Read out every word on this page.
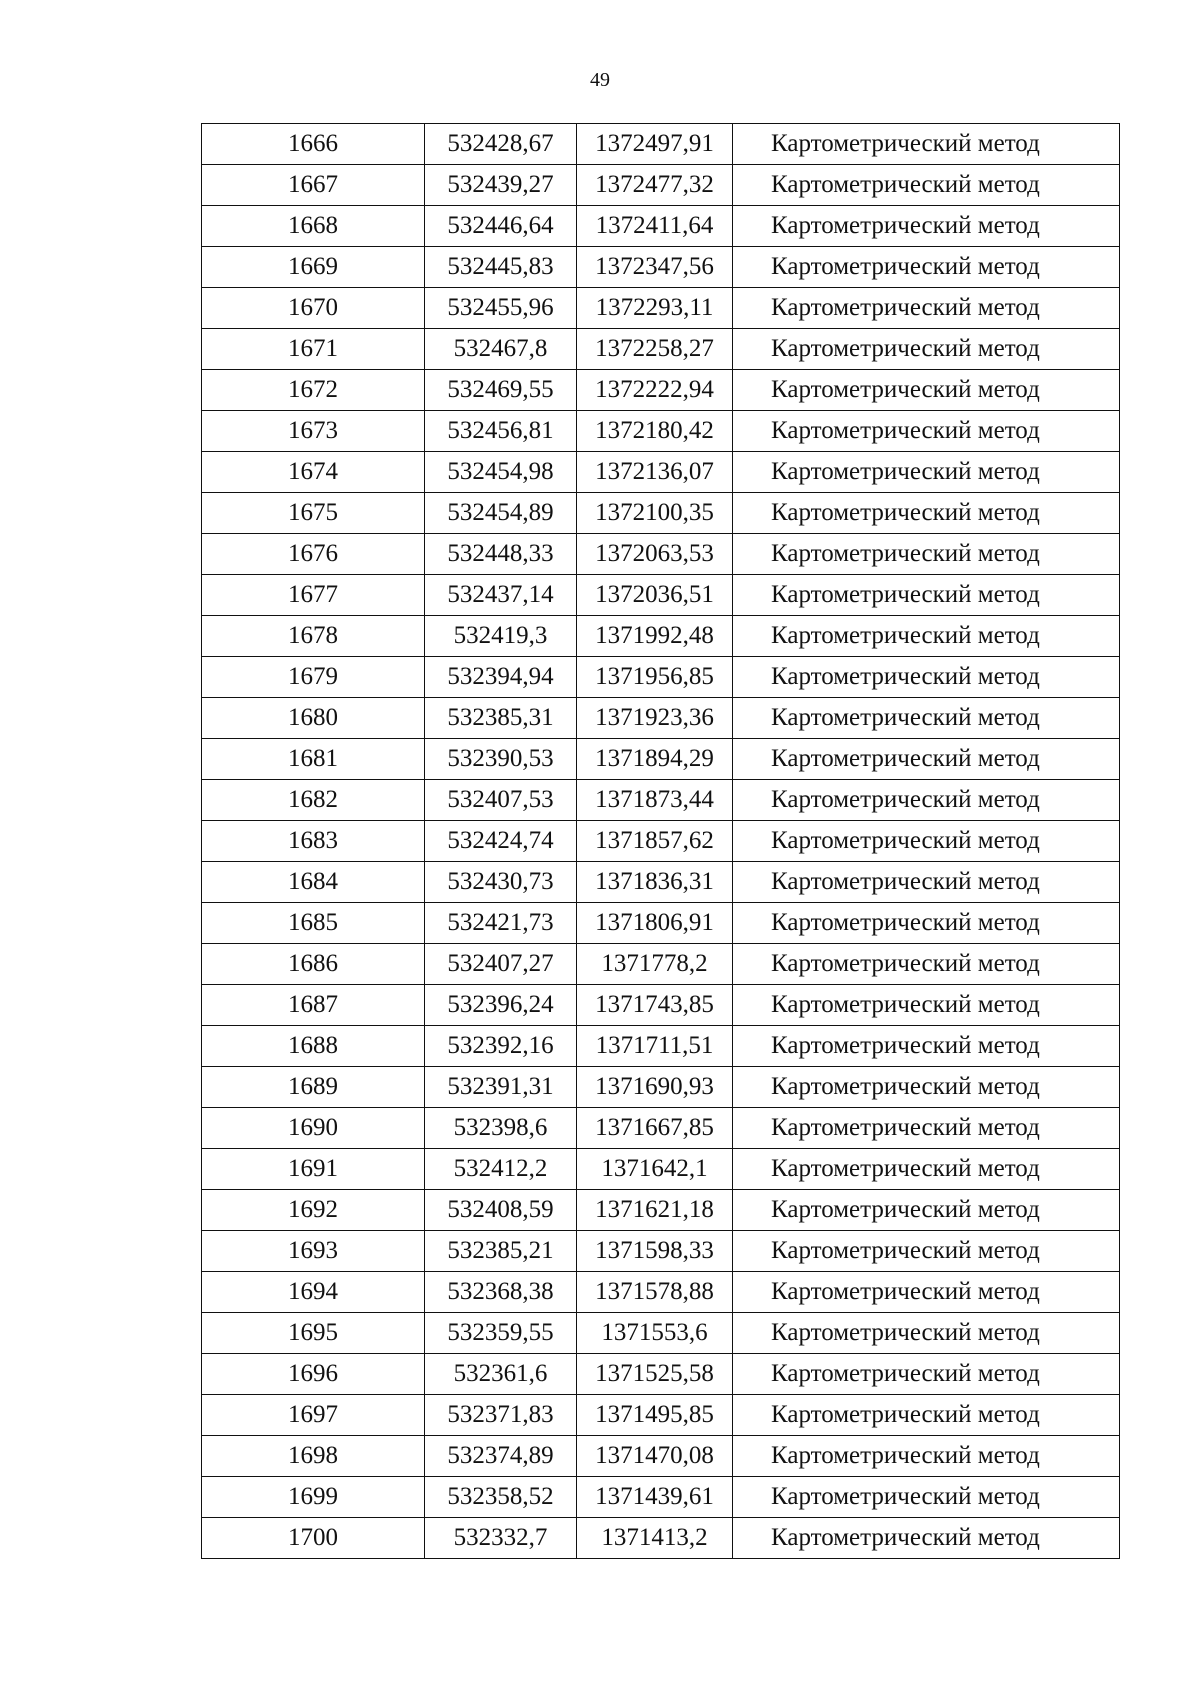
49
1666	532428,67	1372497,91	Картометрический метод
1667	532439,27	1372477,32	Картометрический метод
1668	532446,64	1372411,64	Картометрический метод
1669	532445,83	1372347,56	Картометрический метод
1670	532455,96	1372293,11	Картометрический метод
1671	532467,8	1372258,27	Картометрический метод
1672	532469,55	1372222,94	Картометрический метод
1673	532456,81	1372180,42	Картометрический метод
1674	532454,98	1372136,07	Картометрический метод
1675	532454,89	1372100,35	Картометрический метод
1676	532448,33	1372063,53	Картометрический метод
1677	532437,14	1372036,51	Картометрический метод
1678	532419,3	1371992,48	Картометрический метод
1679	532394,94	1371956,85	Картометрический метод
1680	532385,31	1371923,36	Картометрический метод
1681	532390,53	1371894,29	Картометрический метод
1682	532407,53	1371873,44	Картометрический метод
1683	532424,74	1371857,62	Картометрический метод
1684	532430,73	1371836,31	Картометрический метод
1685	532421,73	1371806,91	Картометрический метод
1686	532407,27	1371778,2	Картометрический метод
1687	532396,24	1371743,85	Картометрический метод
1688	532392,16	1371711,51	Картометрический метод
1689	532391,31	1371690,93	Картометрический метод
1690	532398,6	1371667,85	Картометрический метод
1691	532412,2	1371642,1	Картометрический метод
1692	532408,59	1371621,18	Картометрический метод
1693	532385,21	1371598,33	Картометрический метод
1694	532368,38	1371578,88	Картометрический метод
1695	532359,55	1371553,6	Картометрический метод
1696	532361,6	1371525,58	Картометрический метод
1697	532371,83	1371495,85	Картометрический метод
1698	532374,89	1371470,08	Картометрический метод
1699	532358,52	1371439,61	Картометрический метод
1700	532332,7	1371413,2	Картометрический метод
